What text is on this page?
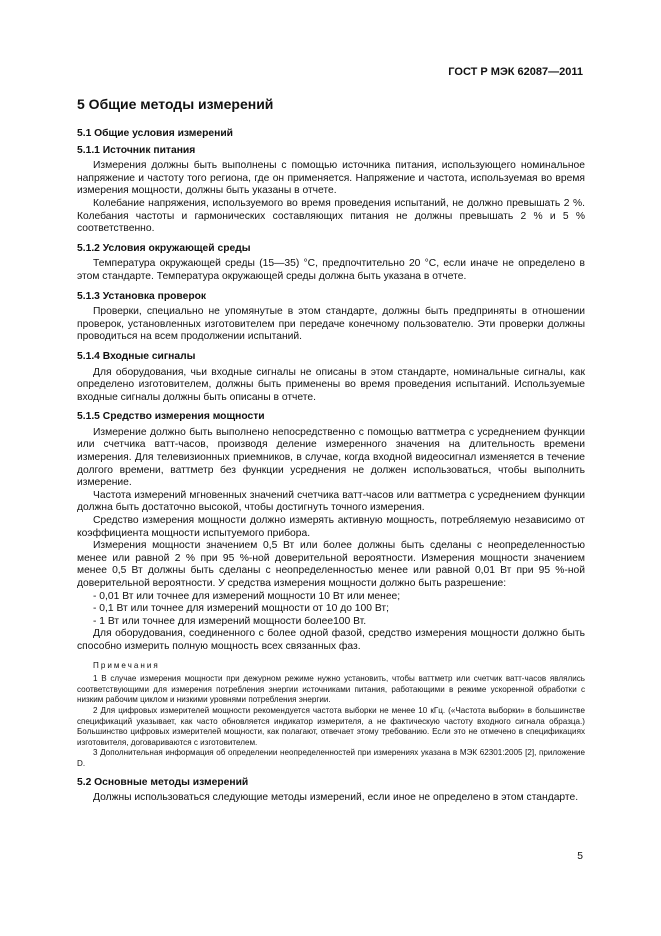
ГОСТ Р МЭК 62087—2011
5 Общие методы измерений
5.1 Общие условия измерений
5.1.1 Источник питания

Измерения должны быть выполнены с помощью источника питания, использующего номинальное напряжение и частоту того региона, где он применяется. Напряжение и частота, используемая во время измерения мощности, должны быть указаны в отчете.

Колебание напряжения, используемого во время проведения испытаний, не должно превышать 2 %. Колебания частоты и гармонических составляющих питания не должны превышать 2 % и 5 % соответственно.

5.1.2 Условия окружающей среды

Температура окружающей среды (15—35) °С, предпочтительно 20 °С, если иначе не определено в этом стандарте. Температура окружающей среды должна быть указана в отчете.

5.1.3 Установка проверок

Проверки, специально не упомянутые в этом стандарте, должны быть предприняты в отношении проверок, установленных изготовителем при передаче конечному пользователю. Эти проверки должны проводиться на всем продолжении испытаний.

5.1.4 Входные сигналы

Для оборудования, чьи входные сигналы не описаны в этом стандарте, номинальные сигналы, как определено изготовителем, должны быть применены во время проведения испытаний. Используемые входные сигналы должны быть описаны в отчете.

5.1.5 Средство измерения мощности

Измерение должно быть выполнено непосредственно с помощью ваттметра с усреднением функции или счетчика ватт-часов, производя деление измеренного значения на длительность времени измерения. Для телевизионных приемников, в случае, когда входной видеосигнал изменяется в течение долгого времени, ваттметр без функции усреднения не должен использоваться, чтобы выполнить измерение.

Частота измерений мгновенных значений счетчика ватт-часов или ваттметра с усреднением функции должна быть достаточно высокой, чтобы достигнуть точного измерения.

Средство измерения мощности должно измерять активную мощность, потребляемую независимо от коэффициента мощности испытуемого прибора.

Измерения мощности значением 0,5 Вт или более должны быть сделаны с неопределенностью менее или равной 2 % при 95 %-ной доверительной вероятности. Измерения мощности значением менее 0,5 Вт должны быть сделаны с неопределенностью менее или равной 0,01 Вт при 95 %-ной доверительной вероятности. У средства измерения мощности должно быть разрешение:

- 0,01 Вт или точнее для измерений мощности 10 Вт или менее;
- 0,1 Вт или точнее для измерений мощности от 10 до 100 Вт;
- 1 Вт или точнее для измерений мощности более100 Вт.

Для оборудования, соединенного с более одной фазой, средство измерения мощности должно быть способно измерить полную мощность всех связанных фаз.

Примечания

1 В случае измерения мощности при дежурном режиме нужно установить, чтобы ваттметр или счетчик ватт-часов являлись соответствующими для измерения потребления энергии источниками питания, работающими в режиме ускоренной обработки с низким рабочим циклом и низкими уровнями потребления энергии.

2 Для цифровых измерителей мощности рекомендуется частота выборки не менее 10 кГц. («Частота выборки» в большинстве спецификаций указывает, как часто обновляется индикатор измерителя, а не фактическую частоту входного сигнала образца.) Большинство цифровых измерителей мощности, как полагают, отвечает этому требованию. Если это не отмечено в спецификациях изготовителя, договариваются с изготовителем.

3 Дополнительная информация об определении неопределенностей при измерениях указана в МЭК 62301:2005 [2], приложение D.

5.2 Основные методы измерений

Должны использоваться следующие методы измерений, если иное не определено в этом стандарте.

5
